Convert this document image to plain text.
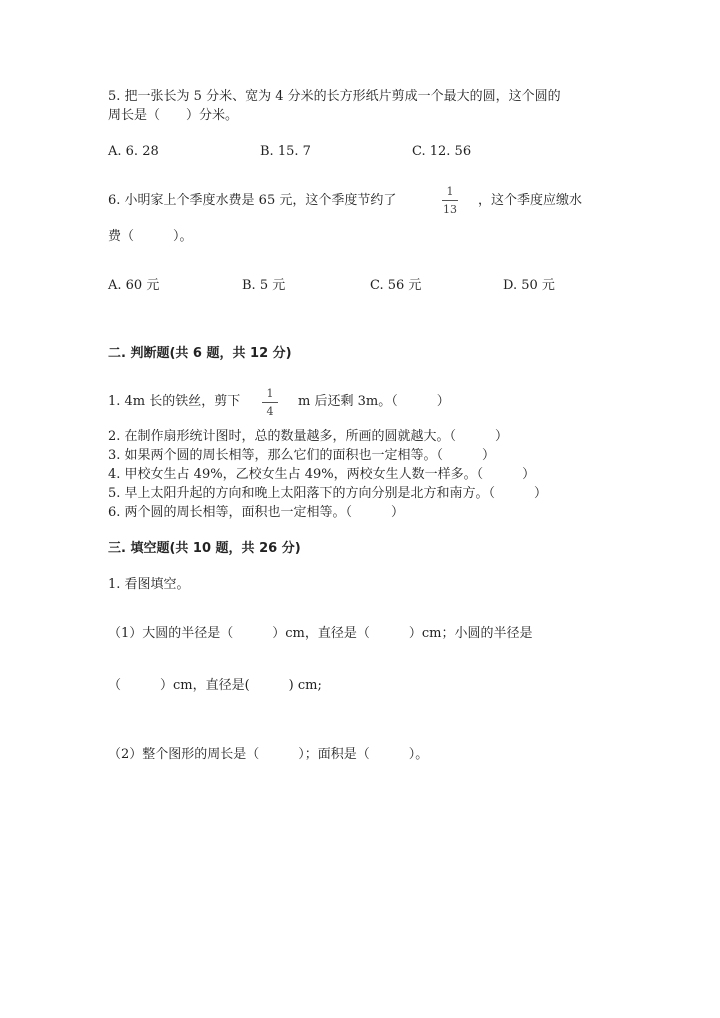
5. 把一张长为 5 分米、宽为 4 分米的长方形纸片剪成一个最大的圆，这个圆的
周长是（　　）分米。
A. 6. 28	B. 15. 7	C. 12. 56
6. 小明家上个季度水费是 65 元，这个季度节约了
1
13
，这个季度应缴水
费（　　　）。
A. 60 元	B. 5 元	C. 56 元	D. 50 元
二. 判断题(共 6 题，共 12 分)
1. 4m 长的铁丝，剪下
1
4
m 后还剩 3m。（　　　）
2. 在制作扇形统计图时，总的数量越多，所画的圆就越大。（　　　）
3. 如果两个圆的周长相等，那么它们的面积也一定相等。（　　　）
4. 甲校女生占 49%，乙校女生占 49%，两校女生人数一样多。（　　　）
5. 早上太阳升起的方向和晚上太阳落下的方向分别是北方和南方。（　　　）
6. 两个圆的周长相等，面积也一定相等。（　　　）
三. 填空题(共 10 题，共 26 分)
1. 看图填空。
（1）大圆的半径是（　　　）cm，直径是（　　　）cm；小圆的半径是
（　　　）cm，直径是(　　　) cm;
（2）整个图形的周长是（　　　）；面积是（　　　）。
